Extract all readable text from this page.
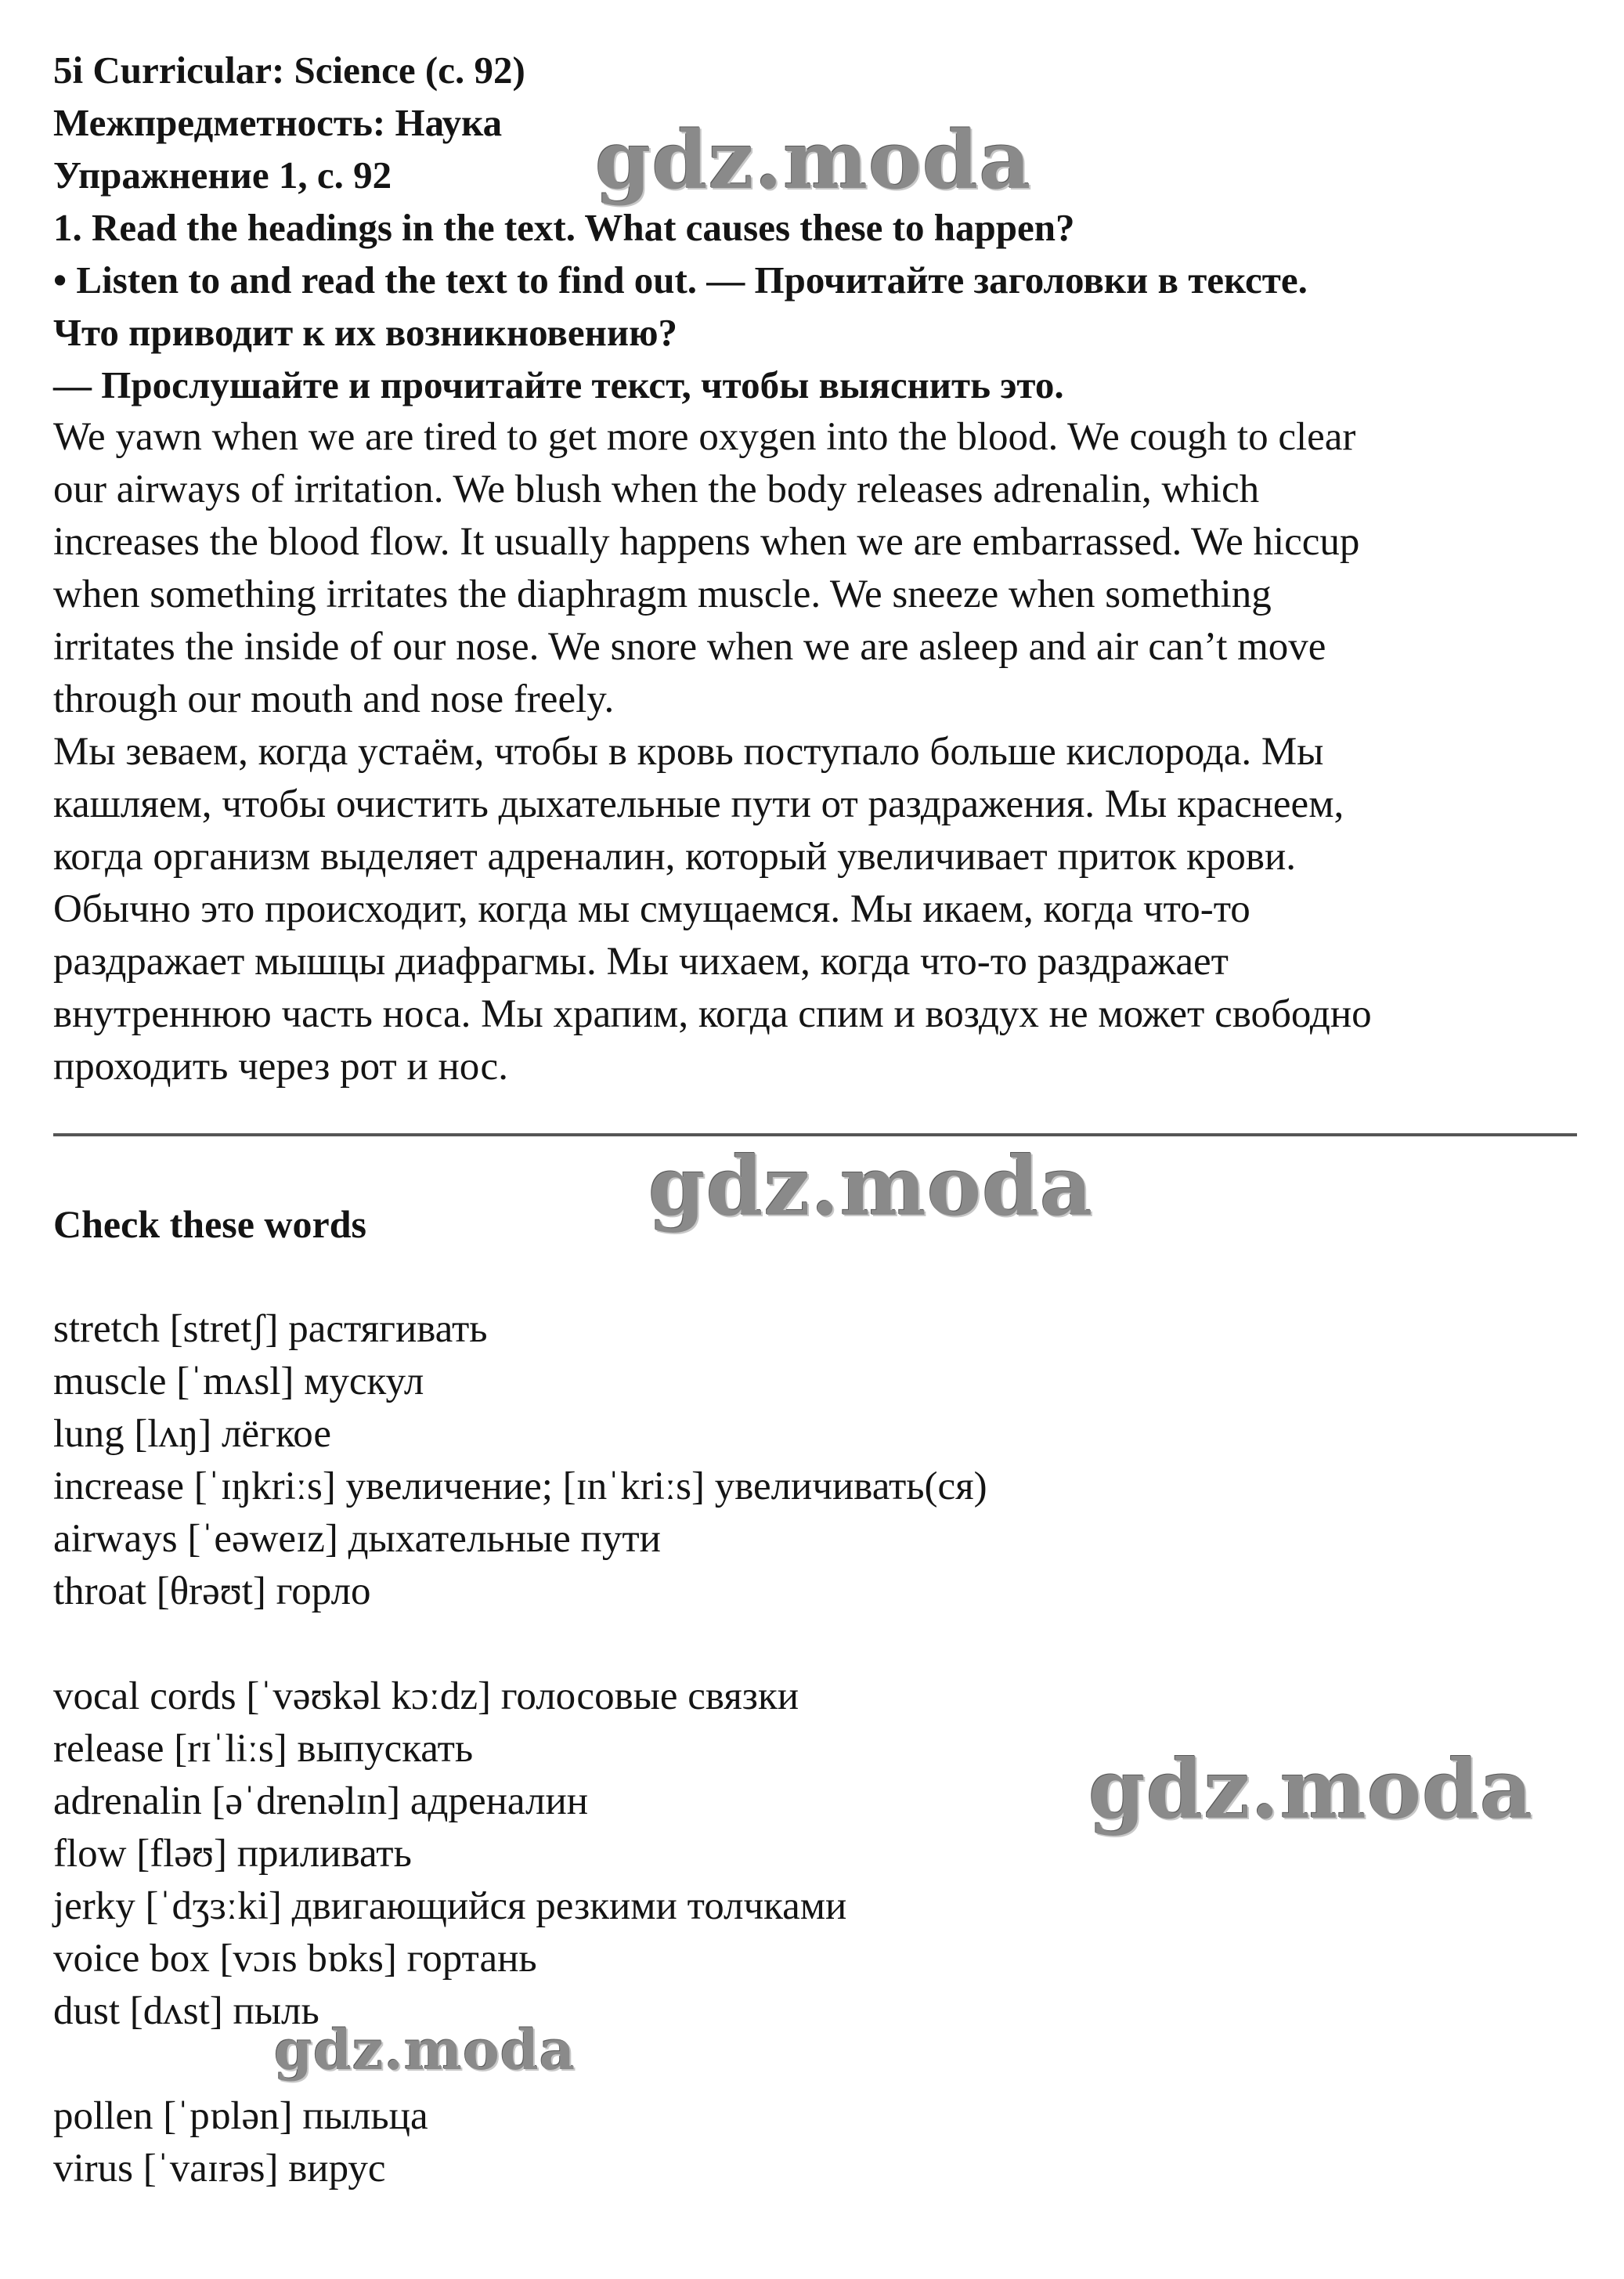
5i Curricular: Science (c. 92)
Межпредметность: Наука
Упражнение 1, с. 92
1. Read the headings in the text. What causes these to happen?
• Listen to and read the text to find out. — Прочитайте заголовки в тексте.
Что приводит к их возникновению?
— Прослушайте и прочитайте текст, чтобы выяснить это.
We yawn when we are tired to get more oxygen into the blood. We cough to clear
our airways of irritation. We blush when the body releases adrenalin, which
increases the blood flow. It usually happens when we are embarrassed. We hiccup
when something irritates the diaphragm muscle. We sneeze when something
irritates the inside of our nose. We snore when we are asleep and air can’t move
through our mouth and nose freely.
Мы зеваем, когда устаём, чтобы в кровь поступало больше кислорода. Мы
кашляем, чтобы очистить дыхательные пути от раздражения. Мы краснеем,
когда организм выделяет адреналин, который увеличивает приток крови.
Обычно это происходит, когда мы смущаемся. Мы икаем, когда что-то
раздражает мышцы диафрагмы. Мы чихаем, когда что-то раздражает
внутреннюю часть носа. Мы храпим, когда спим и воздух не может свободно
проходить через рот и нос.
Check these words
stretch [stretʃ] растягивать
muscle [ˈmʌsl] мускул
lung [lʌŋ] лёгкое
increase [ˈɪŋkriːs] увеличение; [ɪnˈkriːs] увеличивать(ся)
airways [ˈeəweɪz] дыхательные пути
throat [θrəʊt] горло
vocal cords [ˈvəʊkəl kɔːdz] голосовые связки
release [rɪˈliːs] выпускать
adrenalin [əˈdrenəlɪn] адреналин
flow [fləʊ] приливать
jerky [ˈdʒɜːki] двигающийся резкими толчками
voice box [vɔɪs bɒks] гортань
dust [dʌst] пыль
pollen [ˈpɒlən] пыльца
virus [ˈvaɪrəs] вирус
gdz.moda
gdz.moda
gdz.moda
gdz.moda
